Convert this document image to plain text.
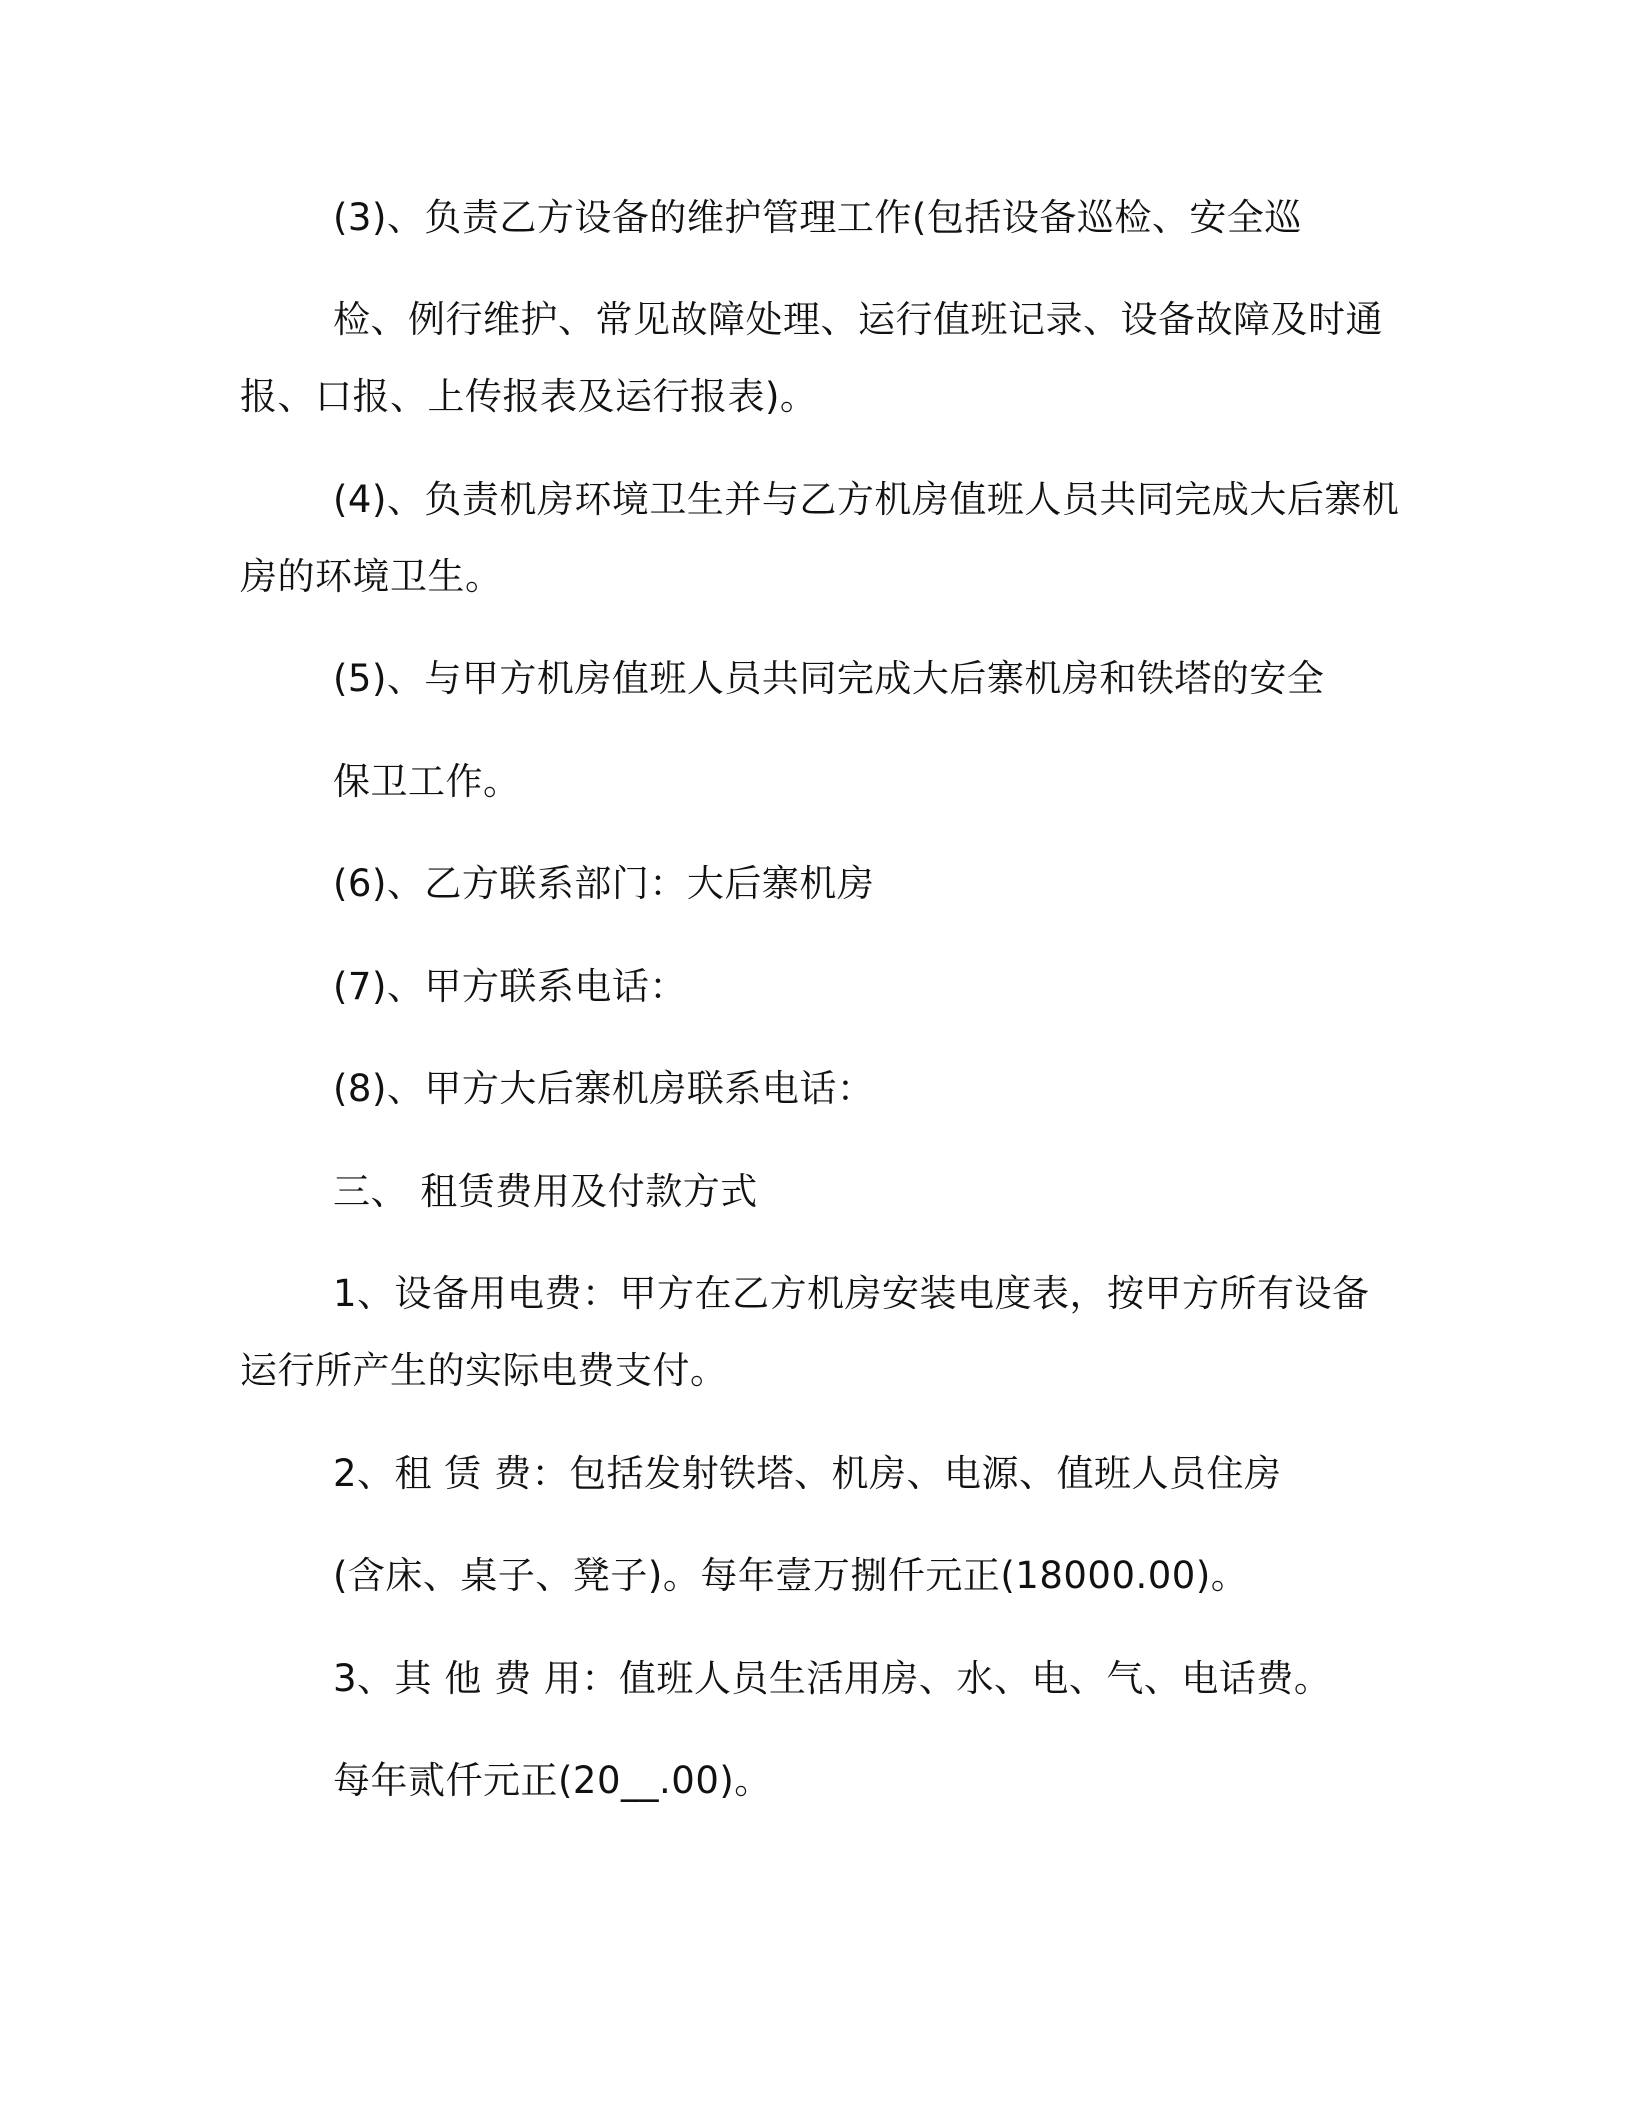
(3)、负责乙方设备的维护管理工作(包括设备巡检、安全巡
检、例行维护、常见故障处理、运行值班记录、设备故障及时通
报、口报、上传报表及运行报表)。
(4)、负责机房环境卫生并与乙方机房值班人员共同完成大后寨机
房的环境卫生。
(5)、与甲方机房值班人员共同完成大后寨机房和铁塔的安全
保卫工作。
(6)、乙方联系部门：大后寨机房
(7)、甲方联系电话：
(8)、甲方大后寨机房联系电话：
三、 租赁费用及付款方式
1、设备用电费：甲方在乙方机房安装电度表，按甲方所有设备
运行所产生的实际电费支付。
2、租 赁 费：包括发射铁塔、机房、电源、值班人员住房
(含床、桌子、凳子)。每年壹万捌仟元正(18000.00)。
3、其 他 费 用：值班人员生活用房、水、电、气、电话费。
每年贰仟元正(20__.00)。
